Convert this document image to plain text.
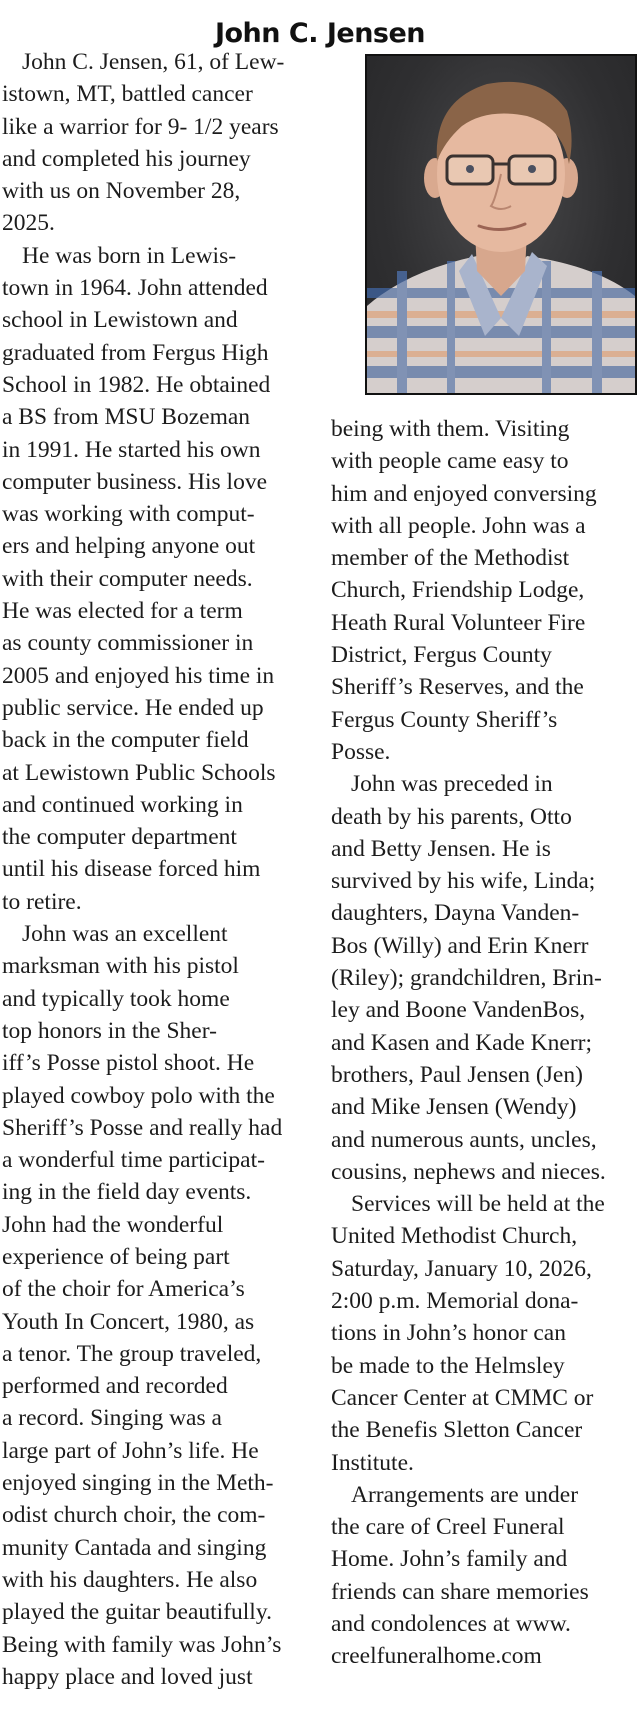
John C. Jensen
John C. Jensen, 61, of Lew-
istown, MT, battled cancer
like a warrior for 9- 1/2 years
and completed his journey
with us on November 28,
2025.
He was born in Lewis-
town in 1964. John attended
school in Lewistown and
graduated from Fergus High
School in 1982. He obtained
a BS from MSU Bozeman
in 1991. He started his own
computer business. His love
was working with comput-
ers and helping anyone out
with their computer needs.
He was elected for a term
as county commissioner in
2005 and enjoyed his time in
public service. He ended up
back in the computer field
at Lewistown Public Schools
and continued working in
the computer department
until his disease forced him
to retire.
John was an excellent
marksman with his pistol
and typically took home
top honors in the Sher-
iff’s Posse pistol shoot. He
played cowboy polo with the
Sheriff’s Posse and really had
a wonderful time participat-
ing in the field day events.
John had the wonderful
experience of being part
of the choir for America’s
Youth In Concert, 1980, as
a tenor. The group traveled,
performed and recorded
a record. Singing was a
large part of John’s life. He
enjoyed singing in the Meth-
odist church choir, the com-
munity Cantada and singing
with his daughters. He also
played the guitar beautifully.
Being with family was John’s
happy place and loved just
being with them. Visiting
with people came easy to
him and enjoyed conversing
with all people. John was a
member of the Methodist
Church, Friendship Lodge,
Heath Rural Volunteer Fire
District, Fergus County
Sheriff’s Reserves, and the
Fergus County Sheriff’s
Posse.
John was preceded in
death by his parents, Otto
and Betty Jensen. He is
survived by his wife, Linda;
daughters, Dayna Vanden-
Bos (Willy) and Erin Knerr
(Riley); grandchildren, Brin-
ley and Boone VandenBos,
and Kasen and Kade Knerr;
brothers, Paul Jensen (Jen)
and Mike Jensen (Wendy)
and numerous aunts, uncles,
cousins, nephews and nieces.
Services will be held at the
United Methodist Church,
Saturday, January 10, 2026,
2:00 p.m. Memorial dona-
tions in John’s honor can
be made to the Helmsley
Cancer Center at CMMC or
the Benefis Sletton Cancer
Institute.
Arrangements are under
the care of Creel Funeral
Home. John’s family and
friends can share memories
and condolences at www.
creelfuneralhome.com
